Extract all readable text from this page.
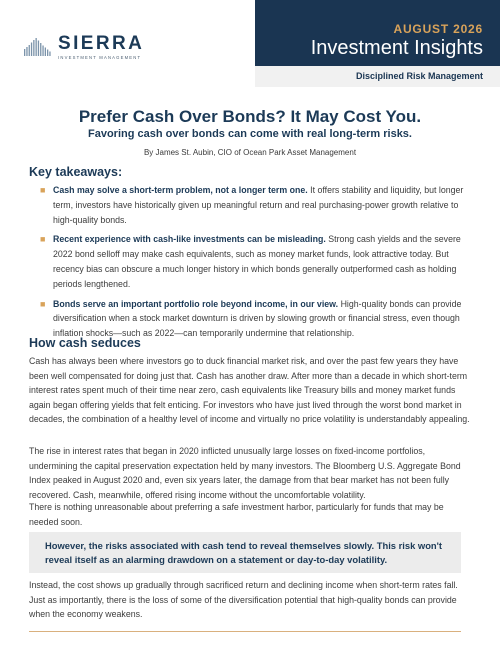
SIERRA
INVESTMENT MANAGEMENT
AUGUST 2026
Investment Insights
Disciplined Risk Management
Prefer Cash Over Bonds? It May Cost You.
Favoring cash over bonds can come with real long-term risks.
By James St. Aubin, CIO of Ocean Park Asset Management
Key takeaways:
■ Cash may solve a short-term problem, not a longer term one. It offers stability and liquidity, but longer term, investors have historically given up meaningful return and real purchasing-power growth relative to high-quality bonds.
■ Recent experience with cash-like investments can be misleading. Strong cash yields and the severe 2022 bond selloff may make cash equivalents, such as money market funds, look attractive today. But recency bias can obscure a much longer history in which bonds generally outperformed cash as holding periods lengthened.
■ Bonds serve an important portfolio role beyond income, in our view. High-quality bonds can provide diversification when a stock market downturn is driven by slowing growth or financial stress, even though inflation shocks—such as 2022—can temporarily undermine that relationship.
How cash seduces

Cash has always been where investors go to duck financial market risk, and over the past few years they have been well compensated for doing just that. Cash has another draw. After more than a decade in which short-term interest rates spent much of their time near zero, cash equivalents like Treasury bills and money market funds again began offering yields that felt enticing. For investors who have just lived through the worst bond market in decades, the combination of a healthy level of income and virtually no price volatility is understandably appealing.

The rise in interest rates that began in 2020 inflicted unusually large losses on fixed-income portfolios, undermining the capital preservation expectation held by many investors. The Bloomberg U.S. Aggregate Bond Index peaked in August 2020 and, even six years later, the damage from that bear market has not been fully recovered. Cash, meanwhile, offered rising income without the uncomfortable volatility.

There is nothing unreasonable about preferring a safe investment harbor, particularly for funds that may be needed soon.

However, the risks associated with cash tend to reveal themselves slowly. This risk won't reveal itself as an alarming drawdown on a statement or day-to-day volatility.

Instead, the cost shows up gradually through sacrificed return and declining income when short-term rates fall. Just as importantly, there is the loss of some of the diversification potential that high-quality bonds can provide when the economy weakens.
